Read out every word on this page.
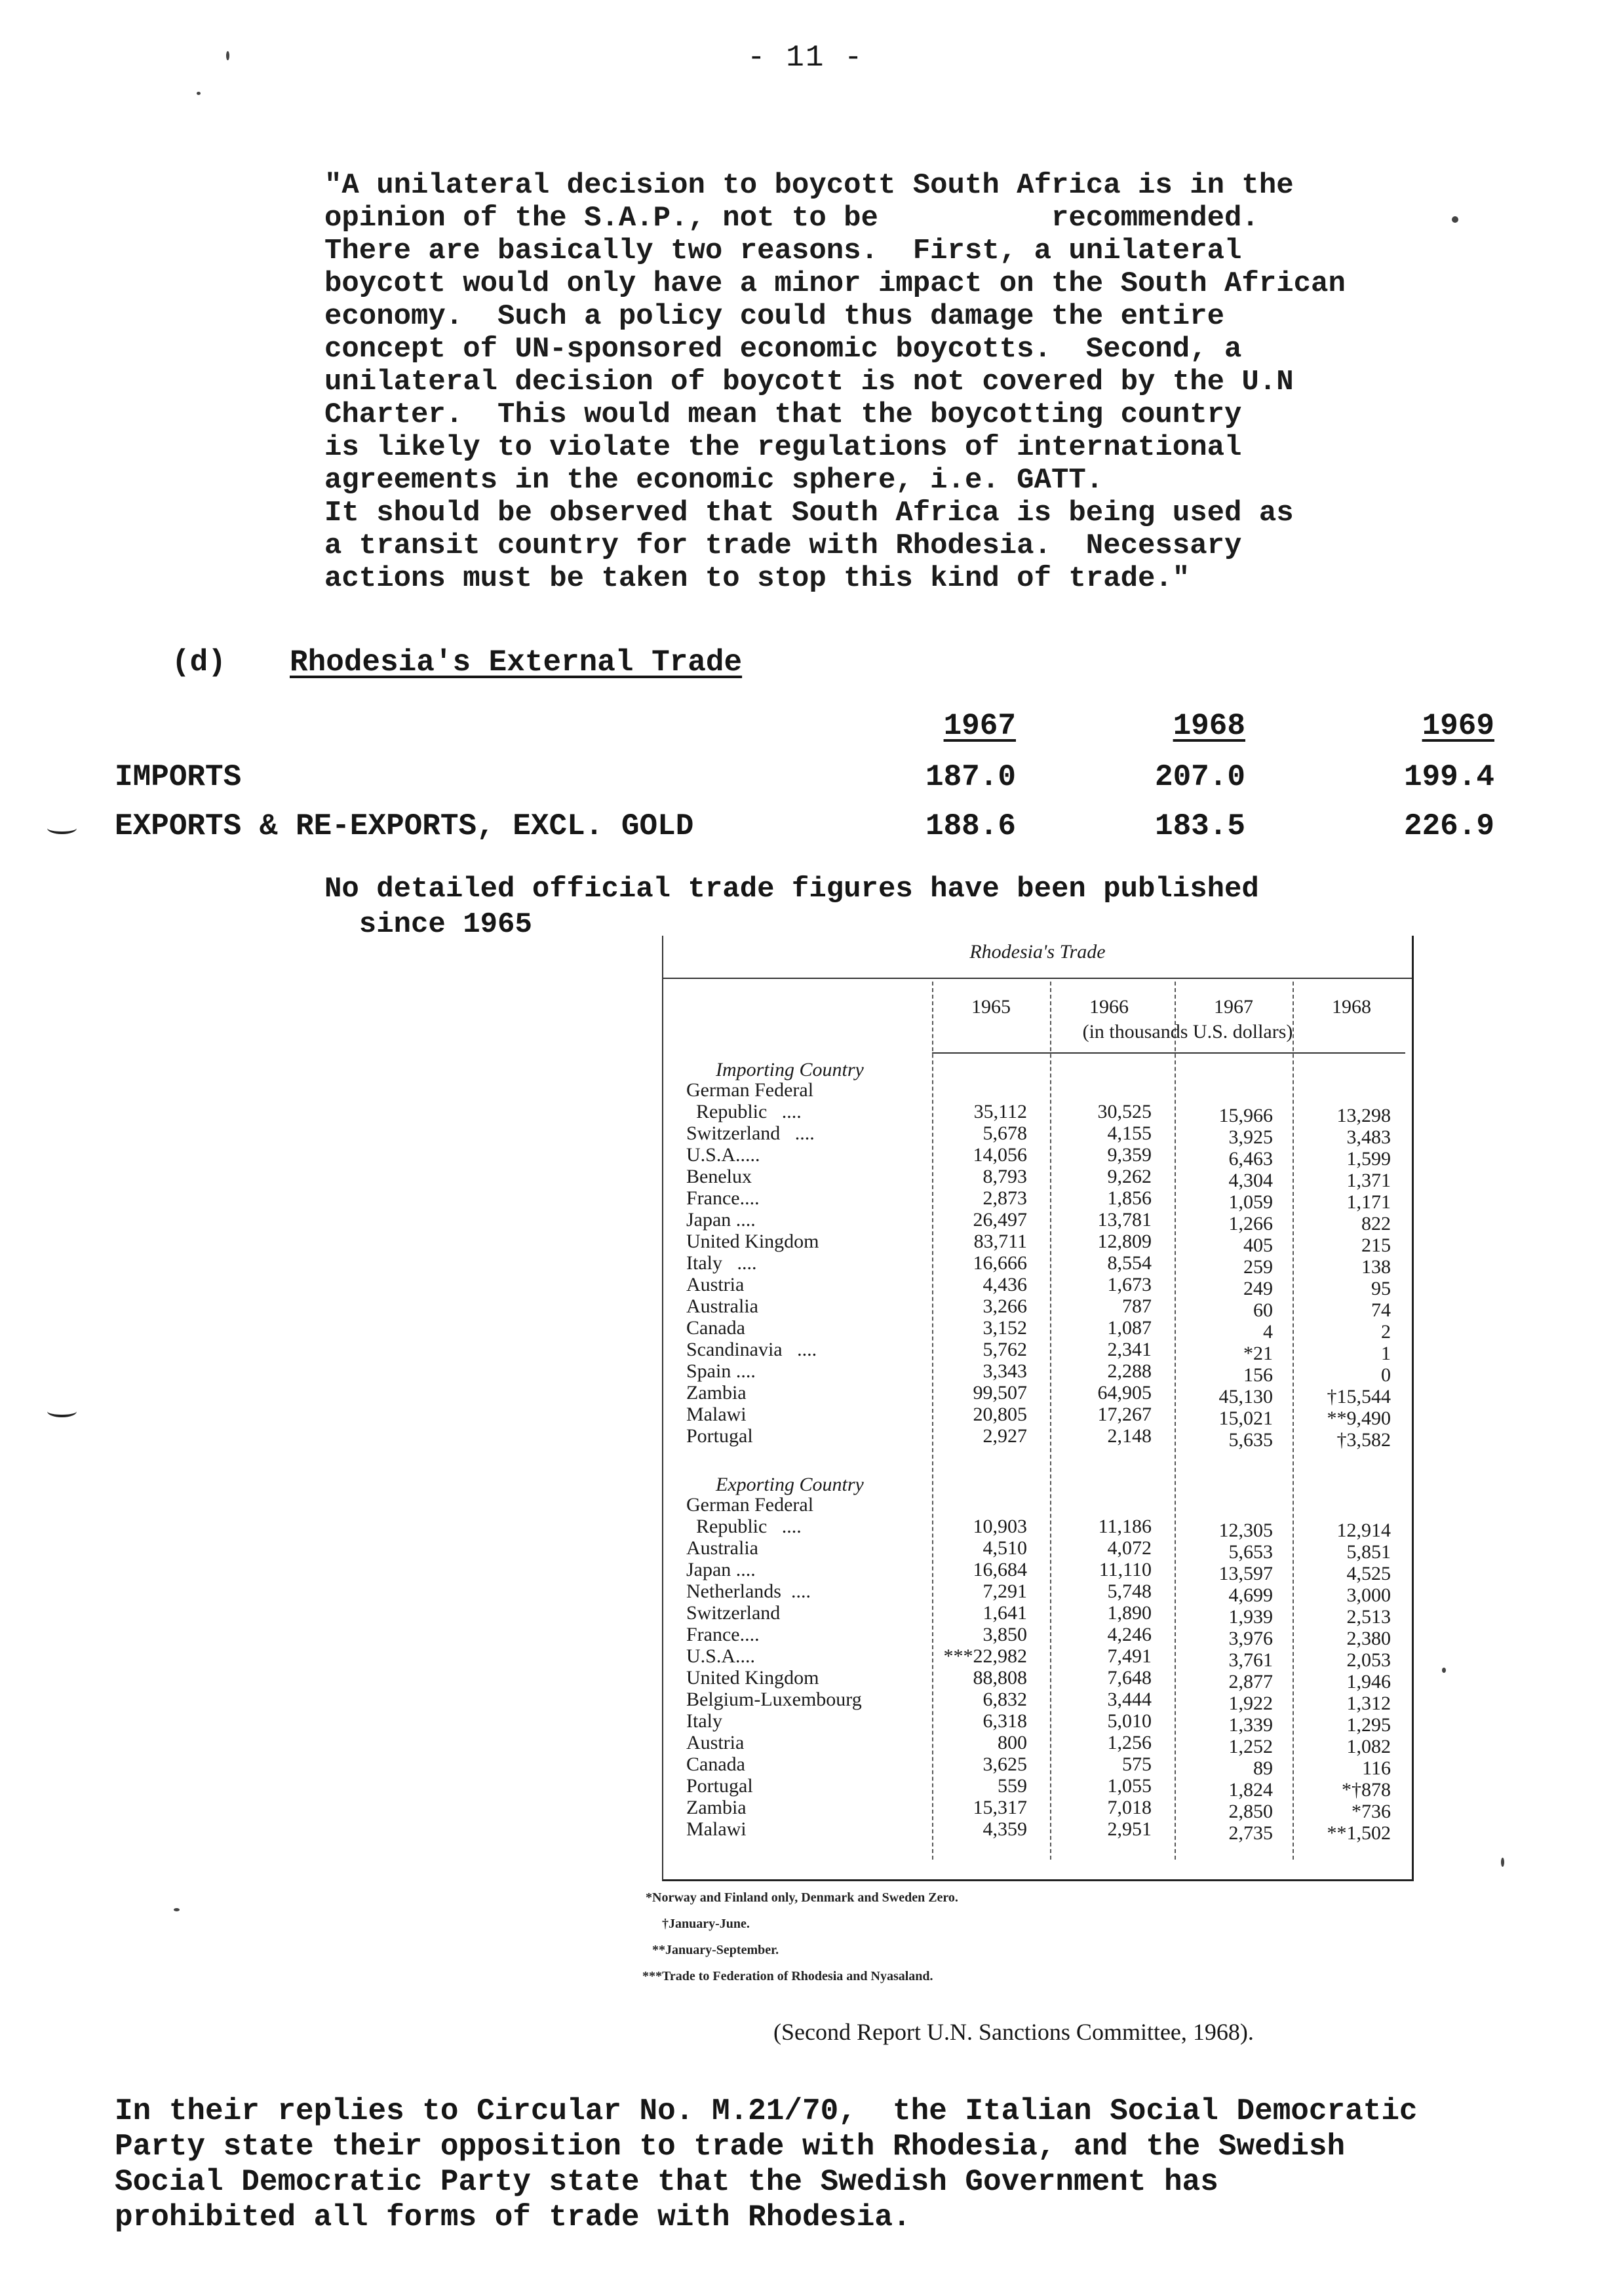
- 11 -
"A unilateral decision to boycott South Africa is in the
opinion of the S.A.P., not to be          recommended.
There are basically two reasons.  First, a unilateral
boycott would only have a minor impact on the South African
economy.  Such a policy could thus damage the entire
concept of UN-sponsored economic boycotts.  Second, a
unilateral decision of boycott is not covered by the U.N
Charter.  This would mean that the boycotting country
is likely to violate the regulations of international
agreements in the economic sphere, i.e. GATT.
It should be observed that South Africa is being used as
a transit country for trade with Rhodesia.  Necessary
actions must be taken to stop this kind of trade."
(d) Rhodesia's External Trade
1967	1968	1969
IMPORTS	187.0	207.0	199.4
EXPORTS & RE-EXPORTS, EXCL. GOLD	188.6	183.5	226.9
No detailed official trade figures have been published
since 1965
Rhodesia's Trade
(in thousands U.S. dollars)
1965	1966	1967	1968
Importing Country
German Federal
Republic   ....	35,112	30,525	15,966	13,298
Switzerland   ....	5,678	4,155	3,925	3,483
U.S.A.....	14,056	9,359	6,463	1,599
Benelux	8,793	9,262	4,304	1,371
France....	2,873	1,856	1,059	1,171
Japan ....	26,497	13,781	1,266	822
United Kingdom	83,711	12,809	405	215
Italy   ....	16,666	8,554	259	138
Austria	4,436	1,673	249	95
Australia	3,266	787	60	74
Canada	3,152	1,087	4	2
Scandinavia   ....	5,762	2,341	*21	1
Spain ....	3,343	2,288	156	0
Zambia	99,507	64,905	45,130	†15,544
Malawi	20,805	17,267	15,021	**9,490
Portugal	2,927	2,148	5,635	†3,582
Exporting Country
German Federal
Republic   ....	10,903	11,186	12,305	12,914
Australia	4,510	4,072	5,653	5,851
Japan ....	16,684	11,110	13,597	4,525
Netherlands  ....	7,291	5,748	4,699	3,000
Switzerland	1,641	1,890	1,939	2,513
France....	3,850	4,246	3,976	2,380
U.S.A....	***22,982	7,491	3,761	2,053
United Kingdom	88,808	7,648	2,877	1,946
Belgium-Luxembourg	6,832	3,444	1,922	1,312
Italy	6,318	5,010	1,339	1,295
Austria	800	1,256	1,252	1,082
Canada	3,625	575	89	116
Portugal	559	1,055	1,824	*†878
Zambia	15,317	7,018	2,850	*736
Malawi	4,359	2,951	2,735	**1,502
*Norway and Finland only, Denmark and Sweden Zero.
†January-June.
**January-September.
***Trade to Federation of Rhodesia and Nyasaland.
(Second Report U.N. Sanctions Committee, 1968).
In their replies to Circular No. M.21/70,  the Italian Social Democratic
Party state their opposition to trade with Rhodesia, and the Swedish
Social Democratic Party state that the Swedish Government has
prohibited all forms of trade with Rhodesia.
